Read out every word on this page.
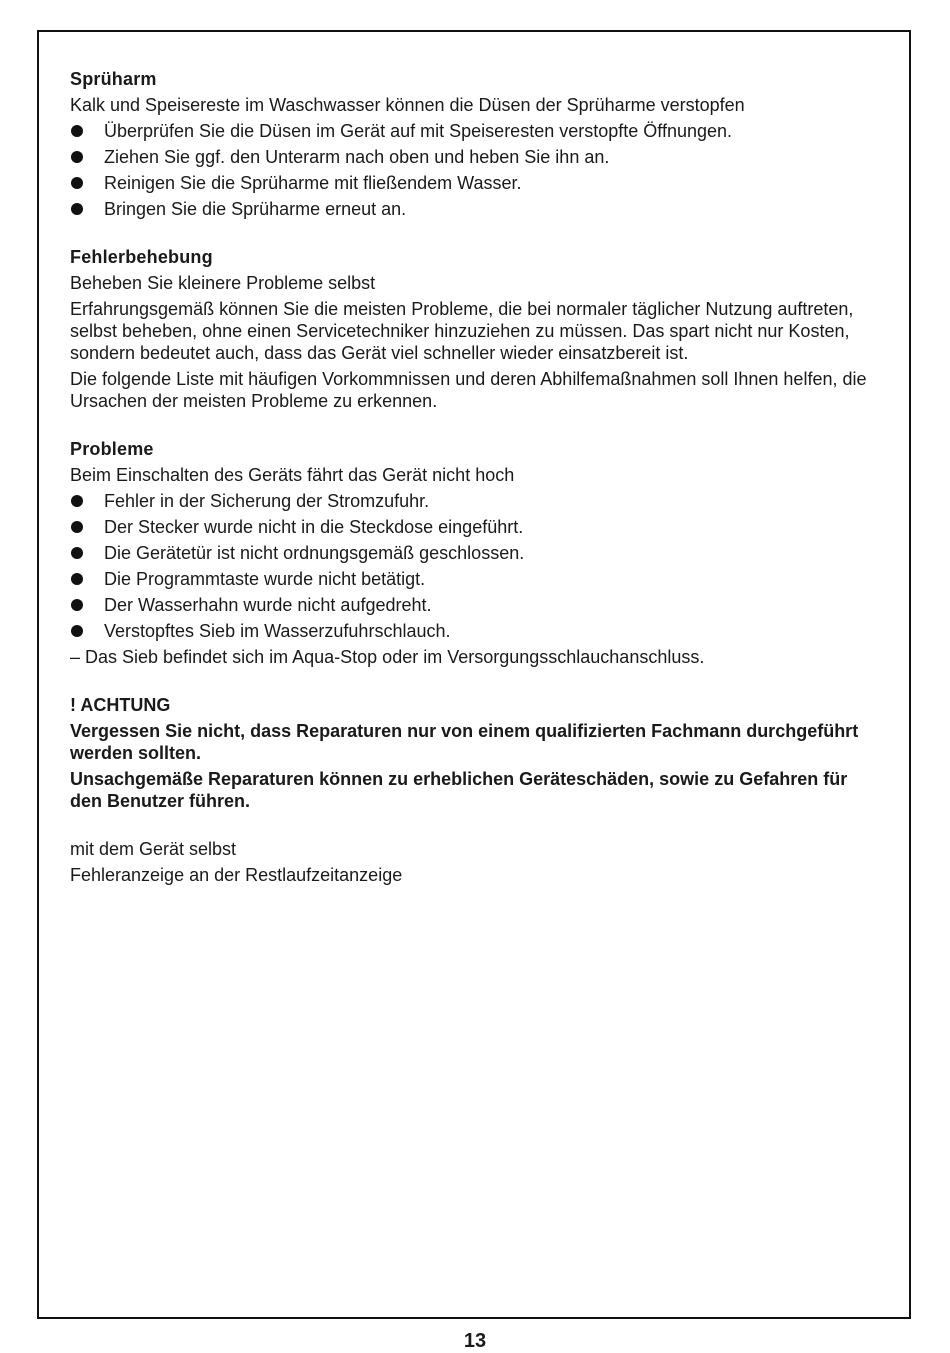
Sprüharm
Kalk und Speisereste im Waschwasser können die Düsen der Sprüharme verstopfen
Überprüfen Sie die Düsen im Gerät auf mit Speiseresten verstopfte Öffnungen.
Ziehen Sie ggf. den Unterarm nach oben und heben Sie ihn an.
Reinigen Sie die Sprüharme mit fließendem Wasser.
Bringen Sie die Sprüharme erneut an.
Fehlerbehebung
Beheben Sie kleinere Probleme selbst
Erfahrungsgemäß können Sie die meisten Probleme, die bei normaler täglicher Nutzung auftreten, selbst beheben, ohne einen Servicetechniker hinzuziehen zu müssen. Das spart nicht nur Kosten, sondern bedeutet auch, dass das Gerät viel schneller wieder einsatzbereit ist.
Die folgende Liste mit häufigen Vorkommnissen und deren Abhilfemaßnahmen soll Ihnen helfen, die Ursachen der meisten Probleme zu erkennen.
Probleme
Beim Einschalten des Geräts fährt das Gerät nicht hoch
Fehler in der Sicherung der Stromzufuhr.
Der Stecker wurde nicht in die Steckdose eingeführt.
Die Gerätetür ist nicht ordnungsgemäß geschlossen.
Die Programmtaste wurde nicht betätigt.
Der Wasserhahn wurde nicht aufgedreht.
Verstopftes Sieb im Wasserzufuhrschlauch.
– Das Sieb befindet sich im Aqua-Stop oder im Versorgungsschlauchanschluss.
! ACHTUNG
Vergessen Sie nicht, dass Reparaturen nur von einem qualifizierten Fachmann durchgeführt werden sollten.
Unsachgemäße Reparaturen können zu erheblichen Geräteschäden, sowie zu Gefahren für den Benutzer führen.
mit dem Gerät selbst
Fehleranzeige an der Restlaufzeitanzeige
13
